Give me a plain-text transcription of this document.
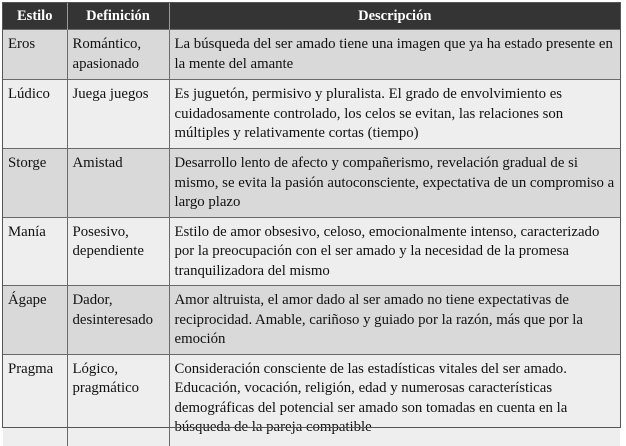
Estilo	Definición	Descripción
Eros	Romántico, apasionado	La búsqueda del ser amado tiene una imagen que ya ha estado presente en la mente del amante
Lúdico	Juega juegos	Es juguetón, permisivo y pluralista. El grado de envolvimiento es cuidadosamente controlado, los celos se evitan, las relaciones son múltiples y relativamente cortas (tiempo)
Storge	Amistad	Desarrollo lento de afecto y compañerismo, revelación gradual de si mismo, se evita la pasión autoconsciente, expectativa de un compromiso a largo plazo
Manía	Posesivo, dependiente	Estilo de amor obsesivo, celoso, emocionalmente intenso, caracterizado por la preocupación con el ser amado y la necesidad de la promesa tranquilizadora del mismo
Ágape	Dador, desinteresado	Amor altruista, el amor dado al ser amado no tiene expectativas de reciprocidad. Amable, cariñoso y guiado por la razón, más que por la emoción
Pragma	Lógico, pragmático	Consideración consciente de las estadísticas vitales del ser amado. Educación, vocación, religión, edad y numerosas características demográficas del potencial ser amado son tomadas en cuenta en la búsqueda de la pareja compatible
